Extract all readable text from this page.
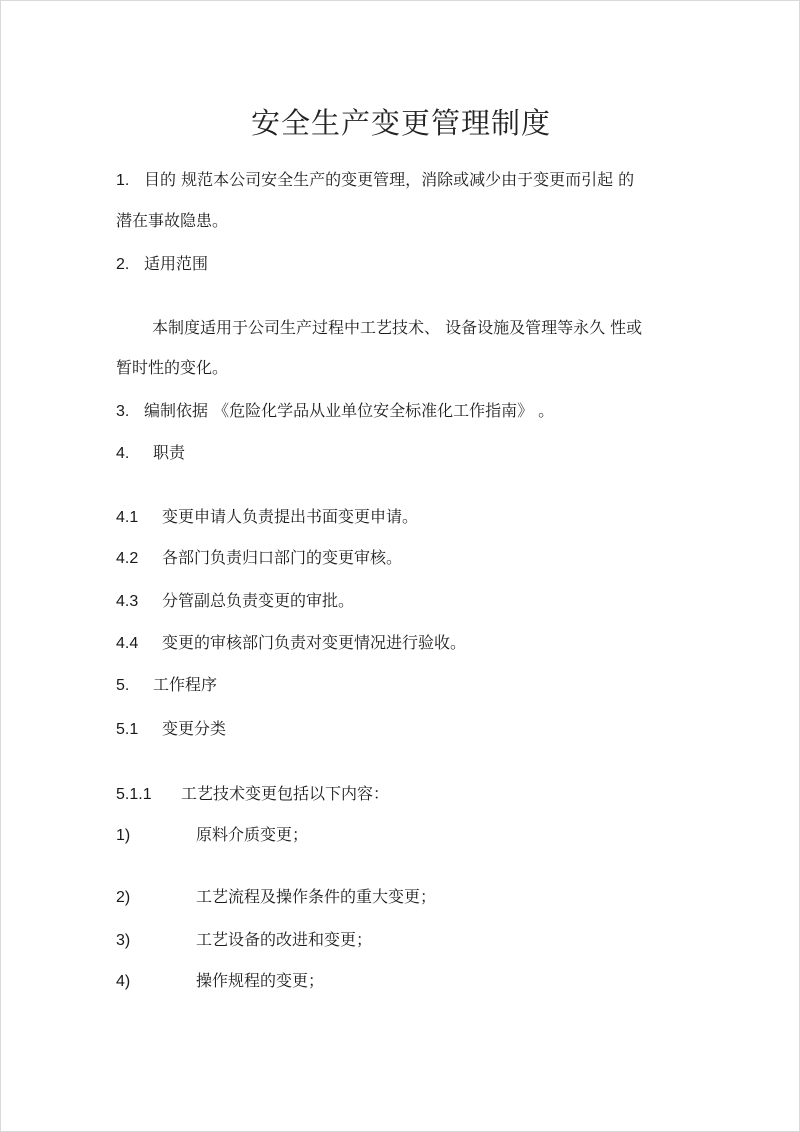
安全生产变更管理制度
1. 目的 规范本公司安全生产的变更管理，消除或减少由于变更而引起 的
潜在事故隐患。
2. 适用范围
本制度适用于公司生产过程中工艺技术、 设备设施及管理等永久 性或
暂时性的变化。
3. 编制依据 《危险化学品从业单位安全标准化工作指南》 。
4. 职责
4.1 变更申请人负责提出书面变更申请。
4.2 各部门负责归口部门的变更审核。
4.3 分管副总负责变更的审批。
4.4 变更的审核部门负责对变更情况进行验收。
5. 工作程序
5.1 变更分类
5.1.1 工艺技术变更包括以下内容：
1)	原料介质变更；
2)	工艺流程及操作条件的重大变更；
3)	工艺设备的改进和变更；
4)	操作规程的变更；
